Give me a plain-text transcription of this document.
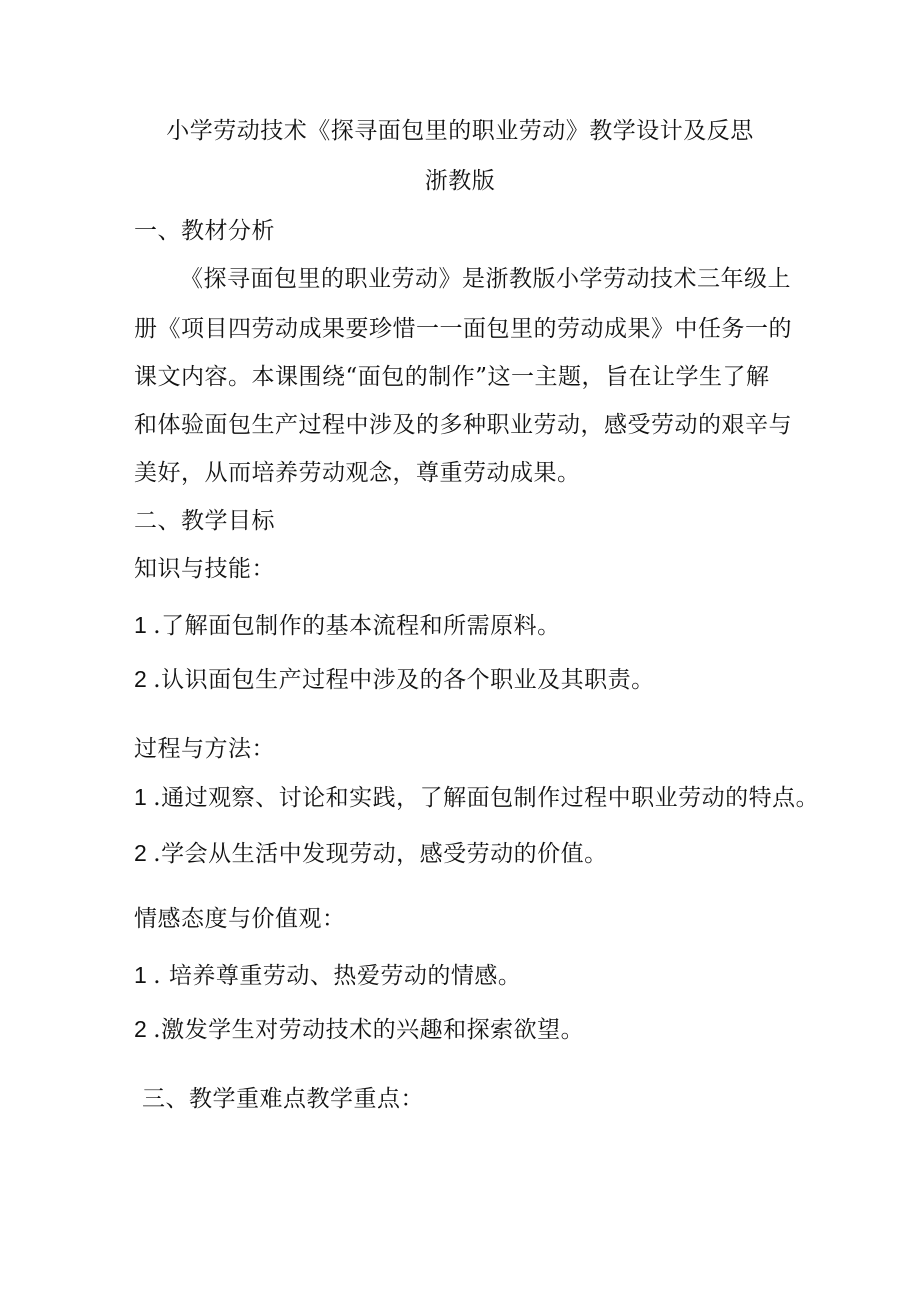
小学劳动技术《探寻面包里的职业劳动》教学设计及反思
浙教版
一、教材分析
《探寻面包里的职业劳动》是浙教版小学劳动技术三年级上
册《项目四劳动成果要珍惜一一面包里的劳动成果》中任务一的
课文内容。本课围绕“面包的制作”这一主题，旨在让学生了解
和体验面包生产过程中涉及的多种职业劳动，感受劳动的艰辛与
美好，从而培养劳动观念，尊重劳动成果。
二、教学目标
知识与技能：
1 .了解面包制作的基本流程和所需原料。
2 .认识面包生产过程中涉及的各个职业及其职责。
过程与方法：
1 .通过观察、讨论和实践，了解面包制作过程中职业劳动的特点。
2 .学会从生活中发现劳动，感受劳动的价值。
情感态度与价值观：
1 . 培养尊重劳动、热爱劳动的情感。
2 .激发学生对劳动技术的兴趣和探索欲望。
三、教学重难点教学重点：
